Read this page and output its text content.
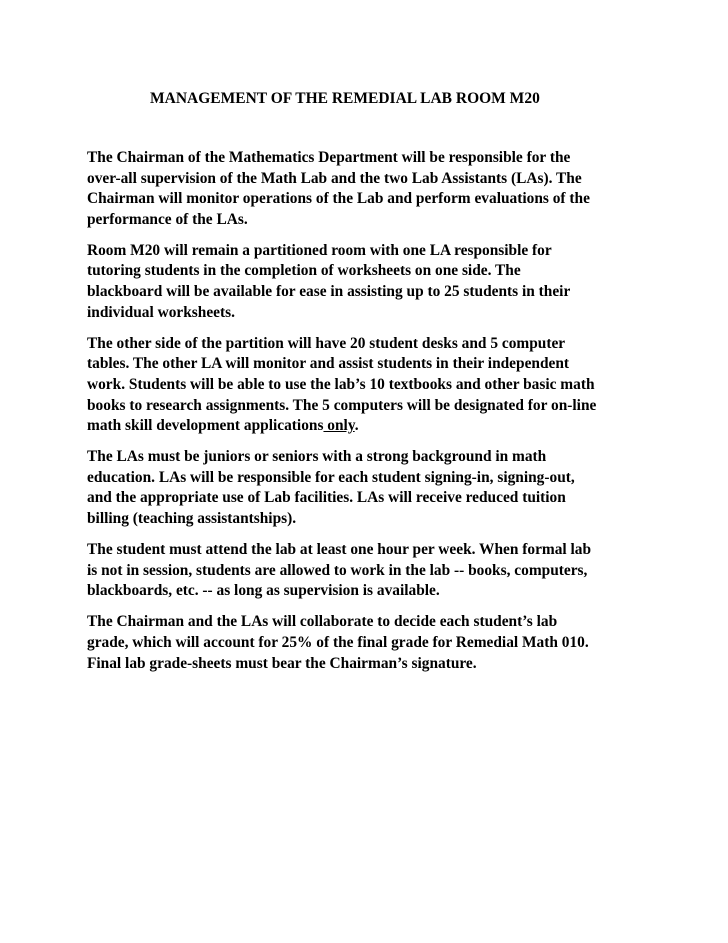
MANAGEMENT OF THE REMEDIAL LAB ROOM M20

The Chairman of the Mathematics Department will be responsible for the
over-all supervision of the Math Lab and the two Lab Assistants (LAs). The
Chairman will monitor operations of the Lab and perform evaluations of the
performance of the LAs.

Room M20 will remain a partitioned room with one LA responsible for
tutoring students in the completion of worksheets on one side. The
blackboard will be available for ease in assisting up to 25 students in their
individual worksheets.

The other side of the partition will have 20 student desks and 5 computer
tables. The other LA will monitor and assist students in their independent
work. Students will be able to use the lab’s 10 textbooks and other basic math
books to research assignments. The 5 computers will be designated for on-line
math skill development applications only.

The LAs must be juniors or seniors with a strong background in math
education. LAs will be responsible for each student signing-in, signing-out,
and the appropriate use of Lab facilities. LAs will receive reduced tuition
billing (teaching assistantships).

The student must attend the lab at least one hour per week. When formal lab
is not in session, students are allowed to work in the lab -- books, computers,
blackboards, etc. -- as long as supervision is available.

The Chairman and the LAs will collaborate to decide each student’s lab
grade, which will account for 25% of the final grade for Remedial Math 010.
Final lab grade-sheets must bear the Chairman’s signature.
